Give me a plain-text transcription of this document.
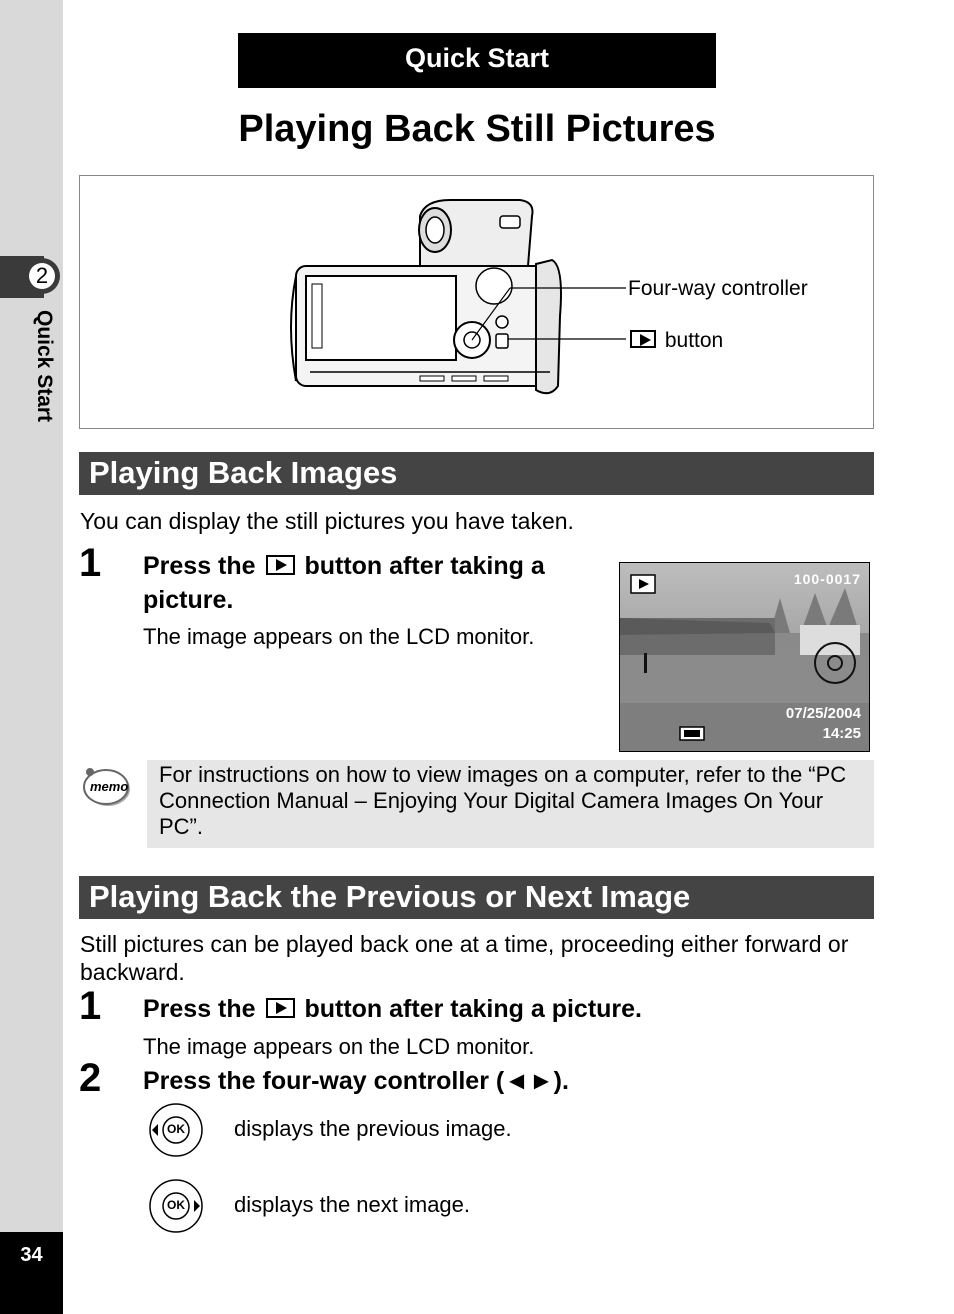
2
Quick Start
34
Quick Start
Playing Back Still Pictures
Four-way controller
button
Playing Back Images
You can display the still pictures you have taken.
1 Press the button after taking a
picture.
The image appears on the LCD monitor.
100-0017
07/25/2004
14:25
memo	For instructions on how to view images on a computer, refer to the “PC Connection Manual – Enjoying Your Digital Camera Images On Your PC”.
Playing Back the Previous or Next Image
Still pictures can be played back one at a time, proceeding either forward or backward.
1 Press the button after taking a picture.
The image appears on the LCD monitor.
2 Press the four-way controller (◄►).
OK displays the previous image.
OK displays the next image.
